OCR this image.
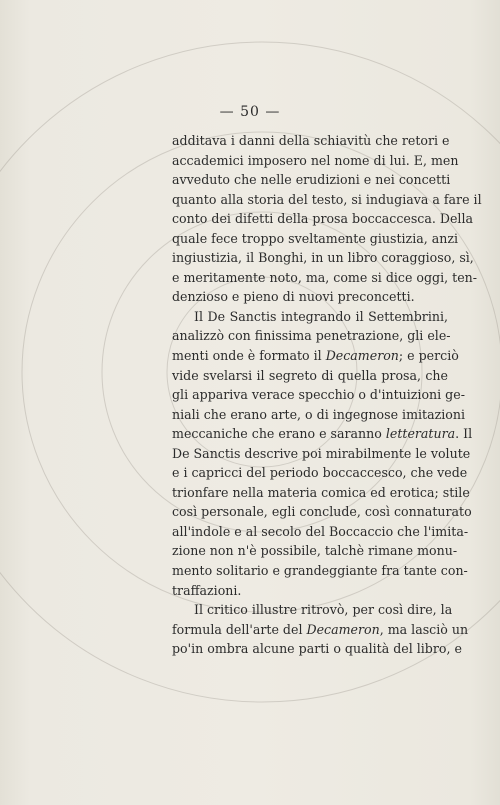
— 50 —
additava i danni della schiavitù che retori e
accademici imposero nel nome di lui. E, men
avveduto che nelle erudizioni e nei concetti
quanto alla storia del testo, si indugiava a fare il
conto dei difetti della prosa boccaccesca. Della
quale fece troppo sveltamente giustizia, anzi
ingiustizia, il Bonghi, in un libro coraggioso, sì,
e meritamente noto, ma, come si dice oggi, ten-
denzioso e pieno di nuovi preconcetti.
Il De Sanctis integrando il Settembrini,
analizzò con finissima penetrazione, gli ele-
menti onde è formato il Decameron; e perciò
vide svelarsi il segreto di quella prosa, che
gli appariva verace specchio o d'intuizioni ge-
niali che erano arte, o di ingegnose imitazioni
meccaniche che erano e saranno letteratura. Il
De Sanctis descrive poi mirabilmente le volute
e i capricci del periodo boccaccesco, che vede
trionfare nella materia comica ed erotica; stile
così personale, egli conclude, così connaturato
all'indole e al secolo del Boccaccio che l'imita-
zione non n'è possibile, talchè rimane monu-
mento solitario e grandeggiante fra tante con-
traffazioni.
Il critico illustre ritrovò, per così dire, la
formula dell'arte del Decameron, ma lasciò un
po'in ombra alcune parti o qualità del libro, e
